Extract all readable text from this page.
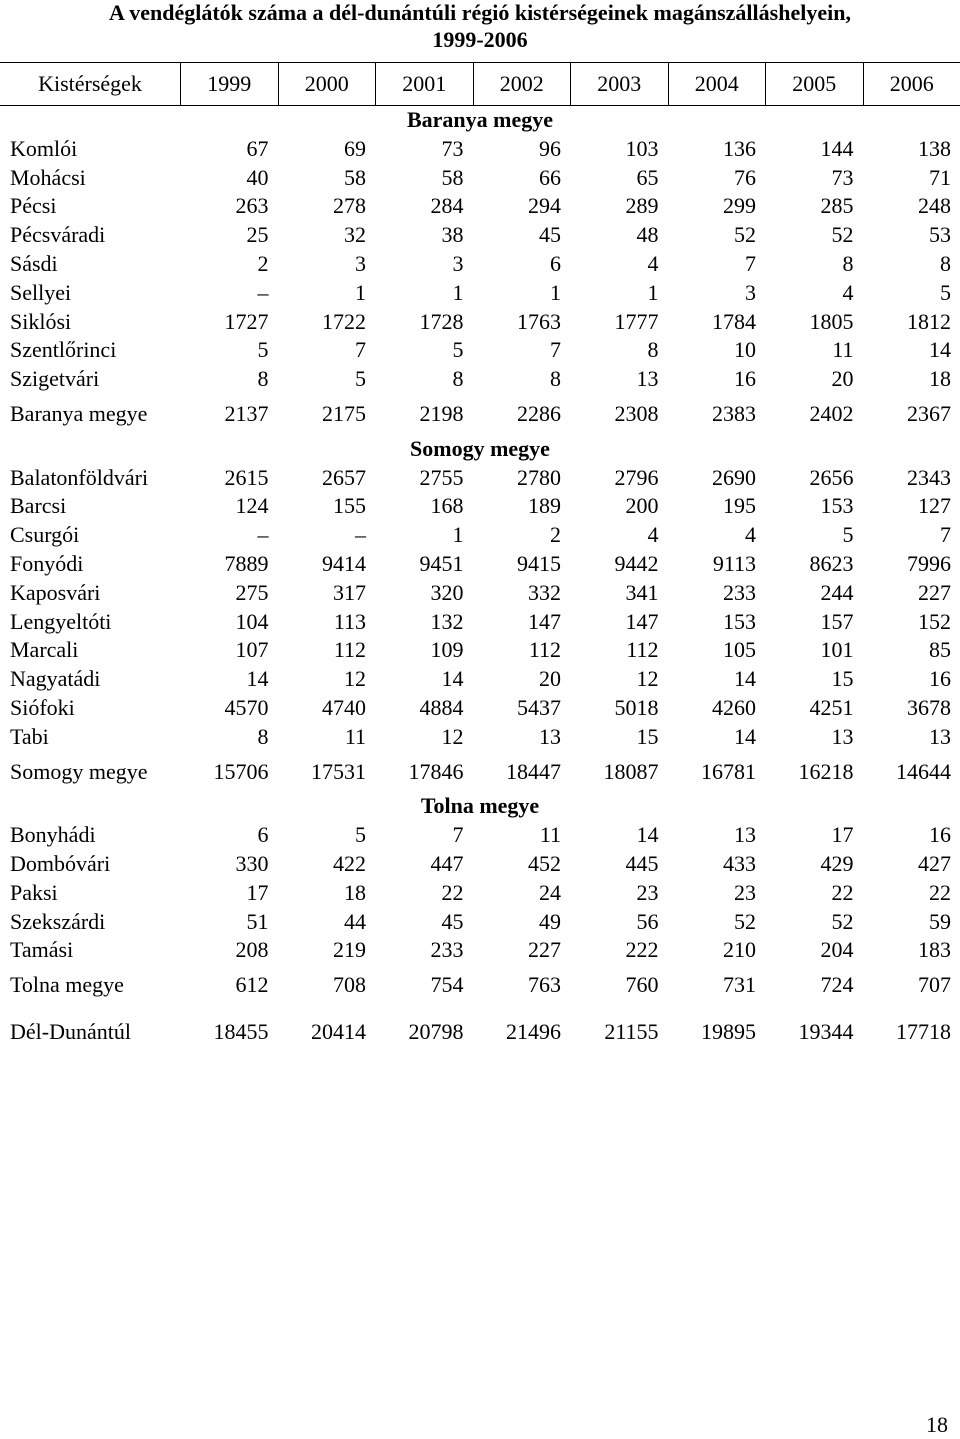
A vendéglátók száma a dél-dunántúli régió kistérségeinek magánszálláshelyein,
1999-2006
Kistérségek	1999	2000	2001	2002	2003	2004	2005	2006
Baranya megye
Komlói	67	69	73	96	103	136	144	138
Mohácsi	40	58	58	66	65	76	73	71
Pécsi	263	278	284	294	289	299	285	248
Pécsváradi	25	32	38	45	48	52	52	53
Sásdi	2	3	3	6	4	7	8	8
Sellyei	–	1	1	1	1	3	4	5
Siklósi	1727	1722	1728	1763	1777	1784	1805	1812
Szentlőrinci	5	7	5	7	8	10	11	14
Szigetvári	8	5	8	8	13	16	20	18
Baranya megye	2137	2175	2198	2286	2308	2383	2402	2367
Somogy megye
Balatonföldvári	2615	2657	2755	2780	2796	2690	2656	2343
Barcsi	124	155	168	189	200	195	153	127
Csurgói	–	–	1	2	4	4	5	7
Fonyódi	7889	9414	9451	9415	9442	9113	8623	7996
Kaposvári	275	317	320	332	341	233	244	227
Lengyeltóti	104	113	132	147	147	153	157	152
Marcali	107	112	109	112	112	105	101	85
Nagyatádi	14	12	14	20	12	14	15	16
Siófoki	4570	4740	4884	5437	5018	4260	4251	3678
Tabi	8	11	12	13	15	14	13	13
Somogy megye	15706	17531	17846	18447	18087	16781	16218	14644
Tolna megye
Bonyhádi	6	5	7	11	14	13	17	16
Dombóvári	330	422	447	452	445	433	429	427
Paksi	17	18	22	24	23	23	22	22
Szekszárdi	51	44	45	49	56	52	52	59
Tamási	208	219	233	227	222	210	204	183
Tolna megye	612	708	754	763	760	731	724	707
Dél-Dunántúl	18455	20414	20798	21496	21155	19895	19344	17718
18
